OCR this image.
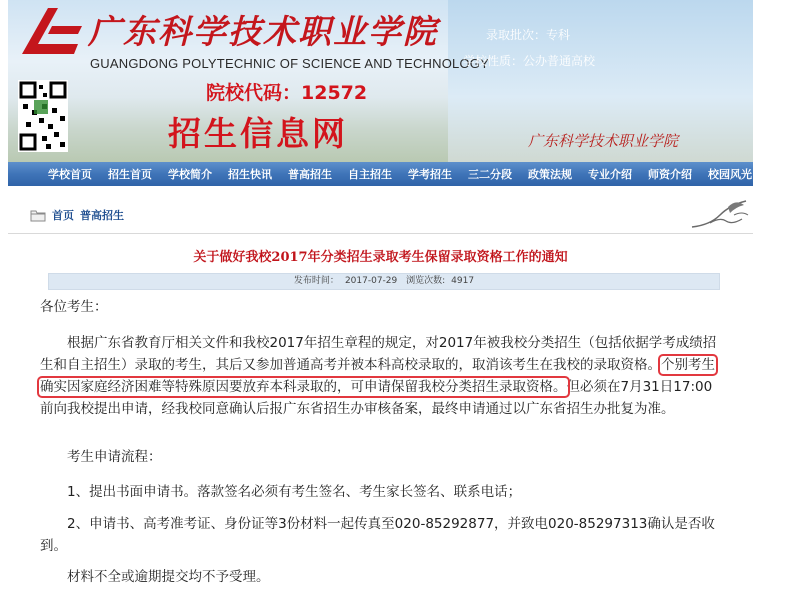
广东科学技术职业学院
GUANGDONG POLYTECHNIC OF SCIENCE AND TECHNOLOGY
院校代码：12572
招生信息网
录取批次：专科
学校性质：公办普通高校
广东科学技术职业学院
学校首页 招生首页 学校简介 招生快讯 普高招生 自主招生 学考招生 三二分段 政策法规 专业介绍 师资介绍 校园风光
首页 普高招生
关于做好我校2017年分类招生录取考生保留录取资格工作的通知
发布时间： 2017-07-29 浏览次数: 4917
各位考生：
根据广东省教育厅相关文件和我校2017年招生章程的规定，对2017年被我校分类招生（包括依据学考成绩招生和自主招生）录取的考生，其后又参加普通高考并被本科高校录取的，取消该考生在我校的录取资格。个别考生确实因家庭经济困难等特殊原因要放弃本科录取的，可申请保留我校分类招生录取资格。但必须在7月31日17:00前向我校提出申请，经我校同意确认后报广东省招生办审核备案，最终申请通过以广东省招生办批复为准。
考生申请流程：
1、提出书面申请书。落款签名必须有考生签名、考生家长签名、联系电话；
2、申请书、高考准考证、身份证等3份材料一起传真至020-85292877，并致电020-85297313确认是否收到。
材料不全或逾期提交均不予受理。
